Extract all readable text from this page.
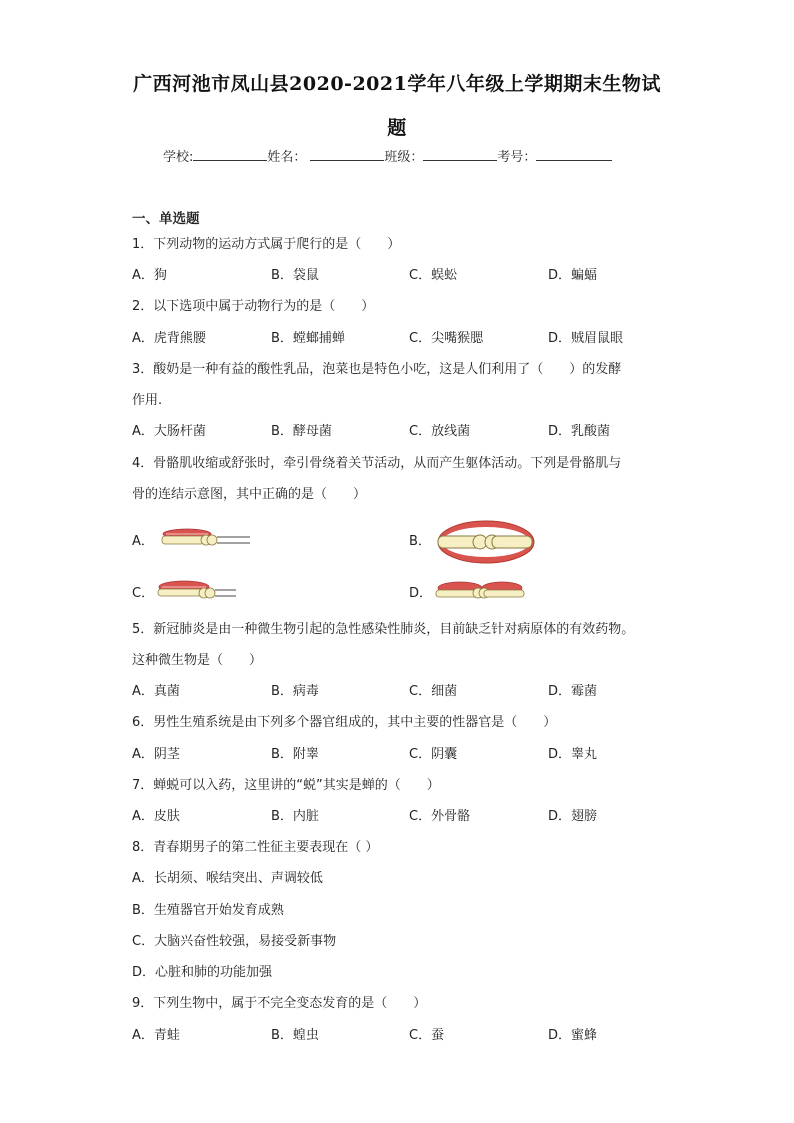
广西河池市凤山县2020-2021学年八年级上学期期末生物试
题
学校:	姓名：	班级：	考号：
一、单选题
1．下列动物的运动方式属于爬行的是（　　）
A．狗	B．袋鼠	C．蜈蚣	D．蝙蝠
2．以下选项中属于动物行为的是（　　）
A．虎背熊腰	B．螳螂捕蝉	C．尖嘴猴腮	D．贼眉鼠眼
3．酸奶是一种有益的酸性乳品，泡菜也是特色小吃，这是人们利用了（　　）的发酵
作用.
A．大肠杆菌	B．酵母菌	C．放线菌	D．乳酸菌
4．骨骼肌收缩或舒张时，牵引骨绕着关节活动，从而产生躯体活动。下列是骨骼肌与
骨的连结示意图，其中正确的是（　　）
A．	B．
C．	D．
5．新冠肺炎是由一种微生物引起的急性感染性肺炎，目前缺乏针对病原体的有效药物。
这种微生物是（　　）
A．真菌	B．病毒	C．细菌	D．霉菌
6．男性生殖系统是由下列多个器官组成的，其中主要的性器官是（　　）
A．阴茎	B．附睾	C．阴囊	D．睾丸
7．蝉蜕可以入药，这里讲的“蜕”其实是蝉的（　　）
A．皮肤	B．内脏	C．外骨骼	D．翅膀
8．青春期男子的第二性征主要表现在（ ）
A．长胡须、喉结突出、声调较低
B．生殖器官开始发育成熟
C．大脑兴奋性较强，易接受新事物
D．心脏和肺的功能加强
9．下列生物中，属于不完全变态发育的是（　　）
A．青蛙	B．蝗虫	C．蚕	D．蜜蜂
